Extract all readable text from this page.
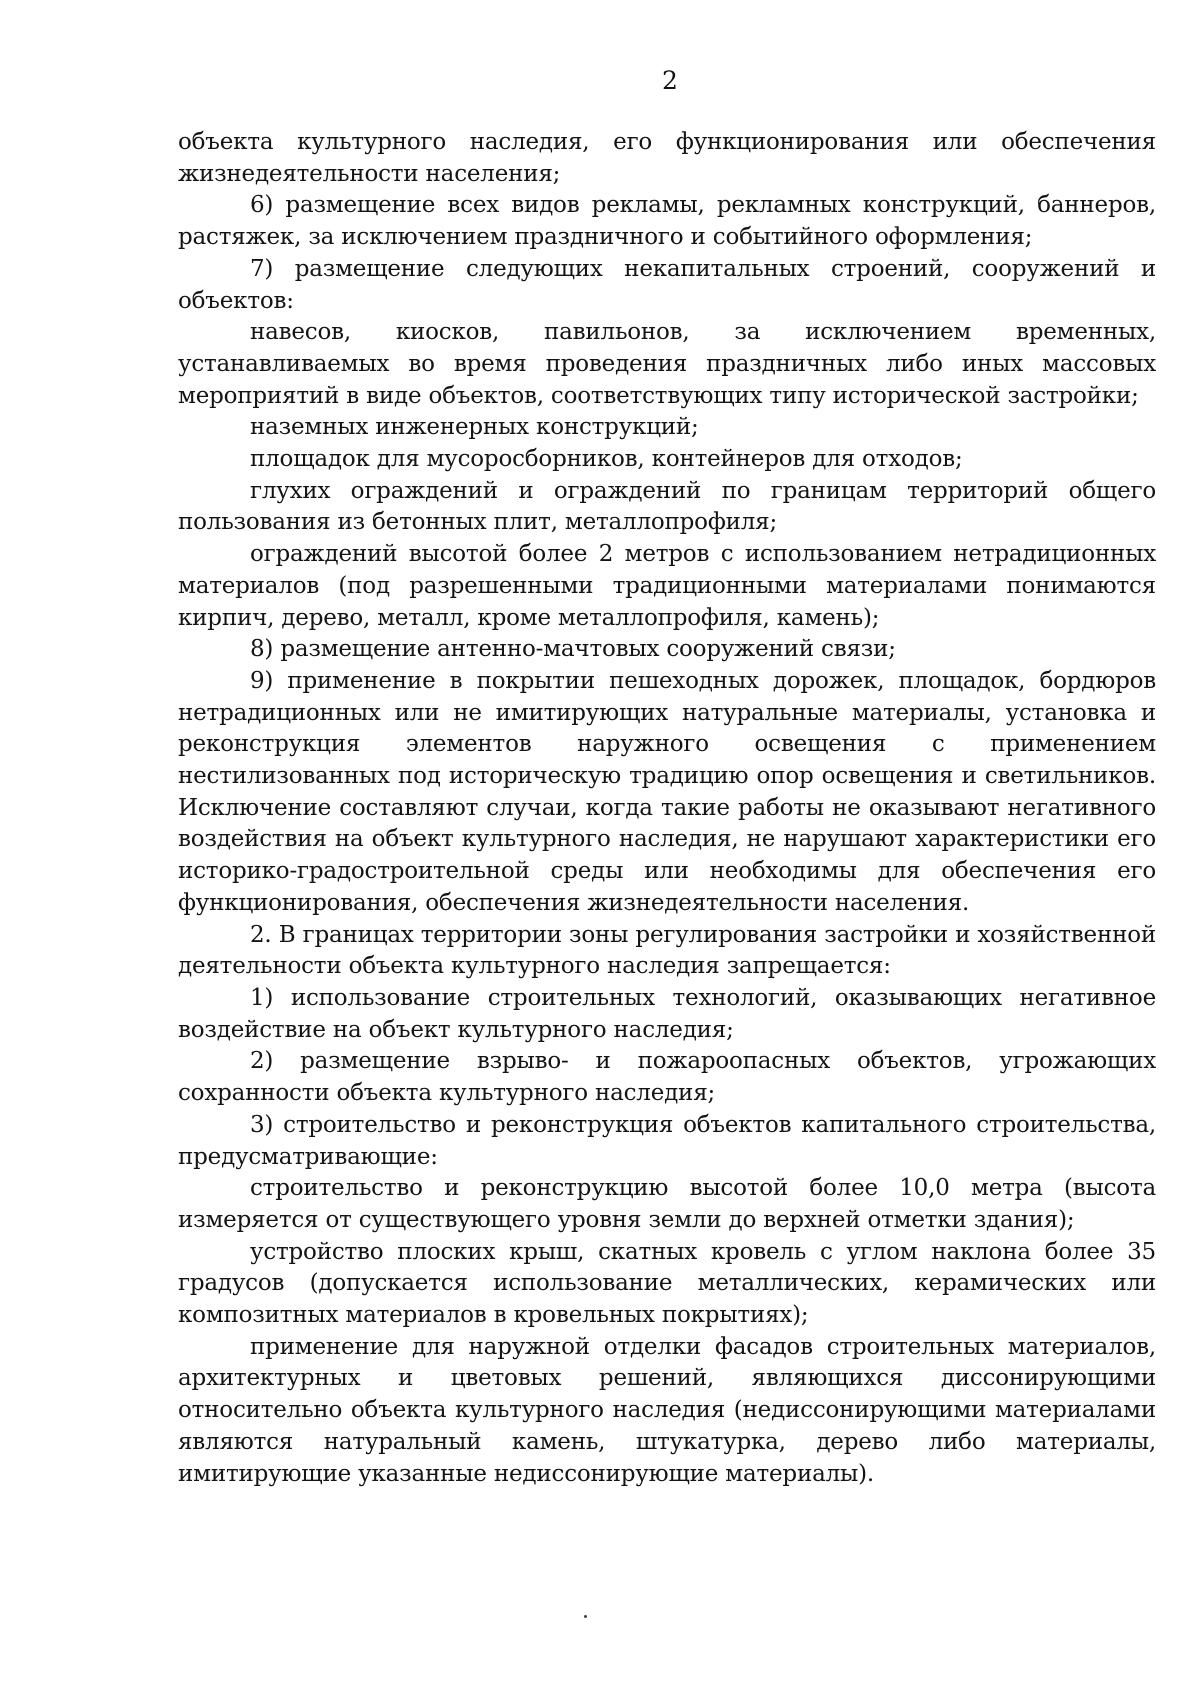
2

объекта культурного наследия, его функционирования или обеспечения жизнедеятельности населения;

6) размещение всех видов рекламы, рекламных конструкций, баннеров, растяжек, за исключением праздничного и событийного оформления;

7) размещение следующих некапитальных строений, сооружений и объектов:

навесов, киосков, павильонов, за исключением временных, устанавливаемых во время проведения праздничных либо иных массовых мероприятий в виде объектов, соответствующих типу исторической застройки;

наземных инженерных конструкций;

площадок для мусоросборников, контейнеров для отходов;

глухих ограждений и ограждений по границам территорий общего пользования из бетонных плит, металлопрофиля;

ограждений высотой более 2 метров с использованием нетрадиционных материалов (под разрешенными традиционными материалами понимаются кирпич, дерево, металл, кроме металлопрофиля, камень);

8) размещение антенно-мачтовых сооружений связи;

9) применение в покрытии пешеходных дорожек, площадок, бордюров нетрадиционных или не имитирующих натуральные материалы, установка и реконструкция элементов наружного освещения с применением нестилизованных под историческую традицию опор освещения и светильников. Исключение составляют случаи, когда такие работы не оказывают негативного воздействия на объект культурного наследия, не нарушают характеристики его историко-градостроительной среды или необходимы для обеспечения его функционирования, обеспечения жизнедеятельности населения.

2. В границах территории зоны регулирования застройки и хозяйственной деятельности объекта культурного наследия запрещается:

1) использование строительных технологий, оказывающих негативное воздействие на объект культурного наследия;

2) размещение взрыво- и пожароопасных объектов, угрожающих сохранности объекта культурного наследия;

3) строительство и реконструкция объектов капитального строительства, предусматривающие:

строительство и реконструкцию высотой более 10,0 метра (высота измеряется от существующего уровня земли до верхней отметки здания);

устройство плоских крыш, скатных кровель с углом наклона более 35 градусов (допускается использование металлических, керамических или композитных материалов в кровельных покрытиях);

применение для наружной отделки фасадов строительных материалов, архитектурных и цветовых решений, являющихся диссонирующими относительно объекта культурного наследия (недиссонирующими материалами являются натуральный камень, штукатурка, дерево либо материалы, имитирующие указанные недиссонирующие материалы).
